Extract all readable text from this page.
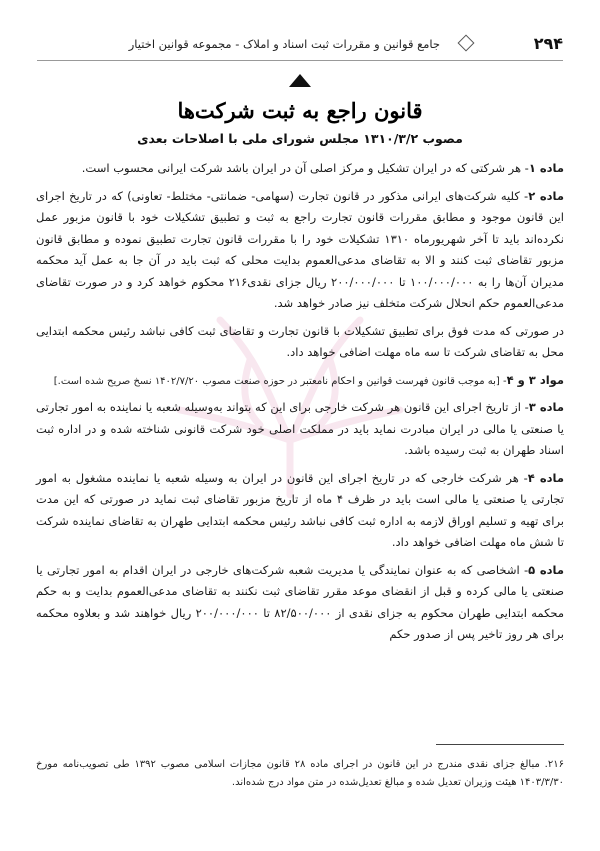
۲۹۴
جامع قوانین و مقررات ثبت اسناد و املاک - مجموعه قوانین اختیار
قانون راجع به ثبت شرکت‌ها
مصوب ۱۳۱۰/۳/۲ مجلس شورای ملی با اصلاحات بعدی

ماده ۱- هر شرکتی که در ایران تشکیل و مرکز اصلی آن در ایران باشد شرکت ایرانی محسوب است.

ماده ۲- کلیه شرکت‌های ایرانی مذکور در قانون تجارت (سهامی- ضمانتی- مختلط- تعاونی) که در تاریخ اجرای این قانون موجود و مطابق مقررات قانون تجارت راجع به ثبت و تطبیق تشکیلات خود با قانون مزبور عمل نکرده‌اند باید تا آخر شهریورماه ۱۳۱۰ تشکیلات خود را با مقررات قانون تجارت تطبیق نموده و مطابق قانون مزبور تقاضای ثبت کنند و الا به تقاضای مدعی‌العموم بدایت محلی که ثبت باید در آن جا به عمل آید محکمه مدیران آن‌ها را به ۱۰۰/۰۰۰/۰۰۰ تا ۲۰۰/۰۰۰/۰۰۰ ریال جزای نقدی۲۱۶ محکوم خواهد کرد و در صورت تقاضای مدعی‌العموم حکم انحلال شرکت متخلف نیز صادر خواهد شد.

در صورتی که مدت فوق برای تطبیق تشکیلات با قانون تجارت و تقاضای ثبت کافی نباشد رئیس محکمه ابتدایی محل به تقاضای شرکت تا سه ماه مهلت اضافی خواهد داد.

مواد ۳ و ۴- [به موجب قانون فهرست قوانین و احکام نامعتبر در حوزه صنعت مصوب ۱۴۰۲/۷/۲۰ نسخ صریح شده است.]

ماده ۳- از تاریخ اجرای این قانون هر شرکت خارجی برای این که بتواند به‌وسیله شعبه یا نماینده به امور تجارتی یا صنعتی یا مالی در ایران مبادرت نماید باید در مملکت اصلی خود شرکت قانونی شناخته شده و در اداره ثبت اسناد طهران به ثبت رسیده باشد.

ماده ۴- هر شرکت خارجی که در تاریخ اجرای این قانون در ایران به وسیله شعبه یا نماینده مشغول به امور تجارتی یا صنعتی یا مالی است باید در ظرف ۴ ماه از تاریخ مزبور تقاضای ثبت نماید در صورتی که این مدت برای تهیه و تسلیم اوراق لازمه به اداره ثبت کافی نباشد رئیس محکمه ابتدایی طهران به تقاضای نماینده شرکت تا شش ماه مهلت اضافی خواهد داد.

ماده ۵- اشخاصی که به عنوان نمایندگی یا مدیریت شعبه شرکت‌های خارجی در ایران اقدام به امور تجارتی یا صنعتی یا مالی کرده و قبل از انقضای موعد مقرر تقاضای ثبت نکنند به تقاضای مدعی‌العموم بدایت و به حکم محکمه ابتدایی طهران محکوم به جزای نقدی از ۸۲/۵۰۰/۰۰۰ تا ۲۰۰/۰۰۰/۰۰۰ ریال خواهند شد و بعلاوه محکمه برای هر روز تاخیر پس از صدور حکم

۲۱۶. مبالغ جزای نقدی مندرج در این قانون در اجرای ماده ۲۸ قانون مجازات اسلامی مصوب ۱۳۹۲ طی تصویب‌نامه مورخ ۱۴۰۳/۳/۳۰ هیئت وزیران تعدیل شده و مبالغ تعدیل‌شده در متن مواد درج شده‌اند.
